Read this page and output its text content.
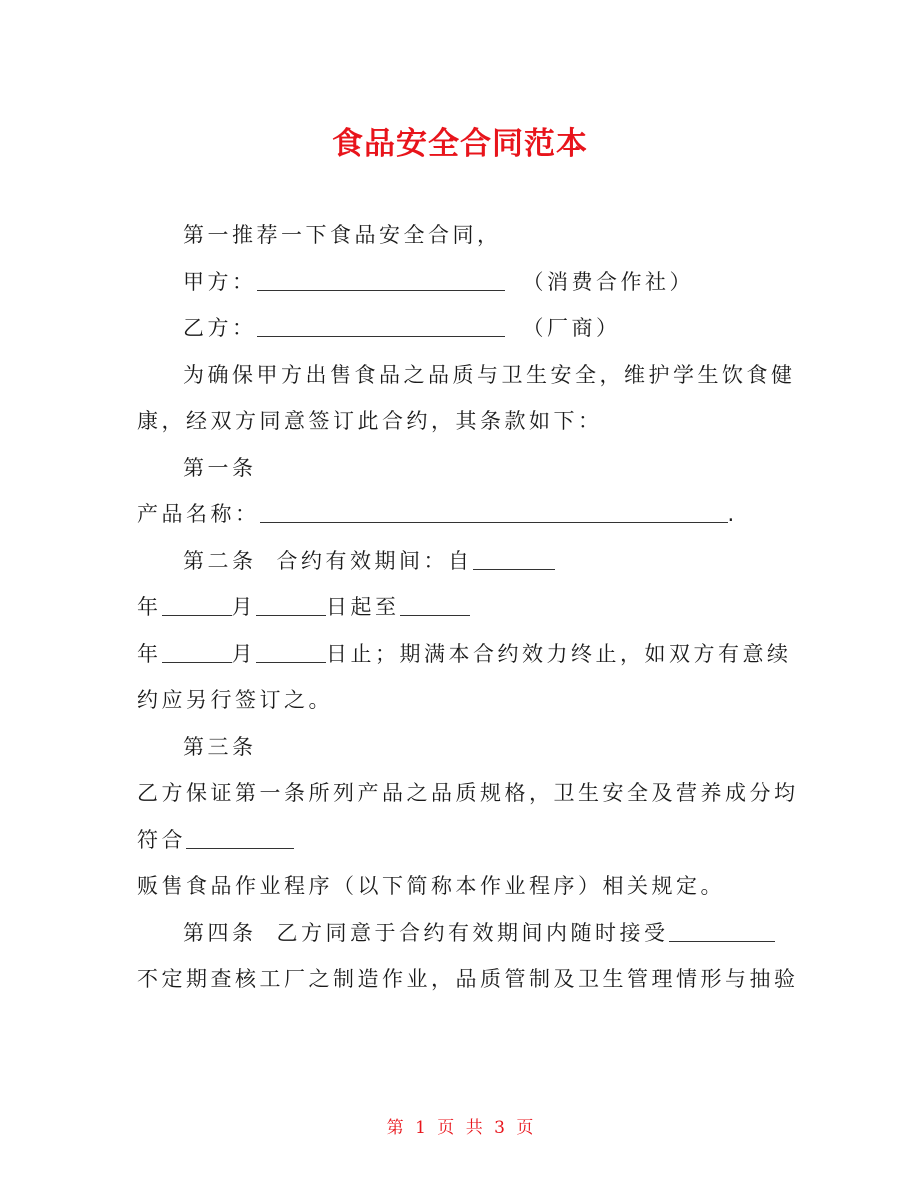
食品安全合同范本
第一推荐一下食品安全合同，
甲方：	（消费合作社）
乙方：	（厂商）
为确保甲方出售食品之品质与卫生安全，维护学生饮食健
康，经双方同意签订此合约，其条款如下：
第一条
产品名称：	.
第二条 合约有效期间：自
年	月	日起至
年	月	日止；期满本合约效力终止，如双方有意续
约应另行签订之。
第三条
乙方保证第一条所列产品之品质规格，卫生安全及营养成分均
符合
贩售食品作业程序（以下简称本作业程序）相关规定。
第四条 乙方同意于合约有效期间内随时接受
不定期查核工厂之制造作业，品质管制及卫生管理情形与抽验
第 1 页 共 3 页
